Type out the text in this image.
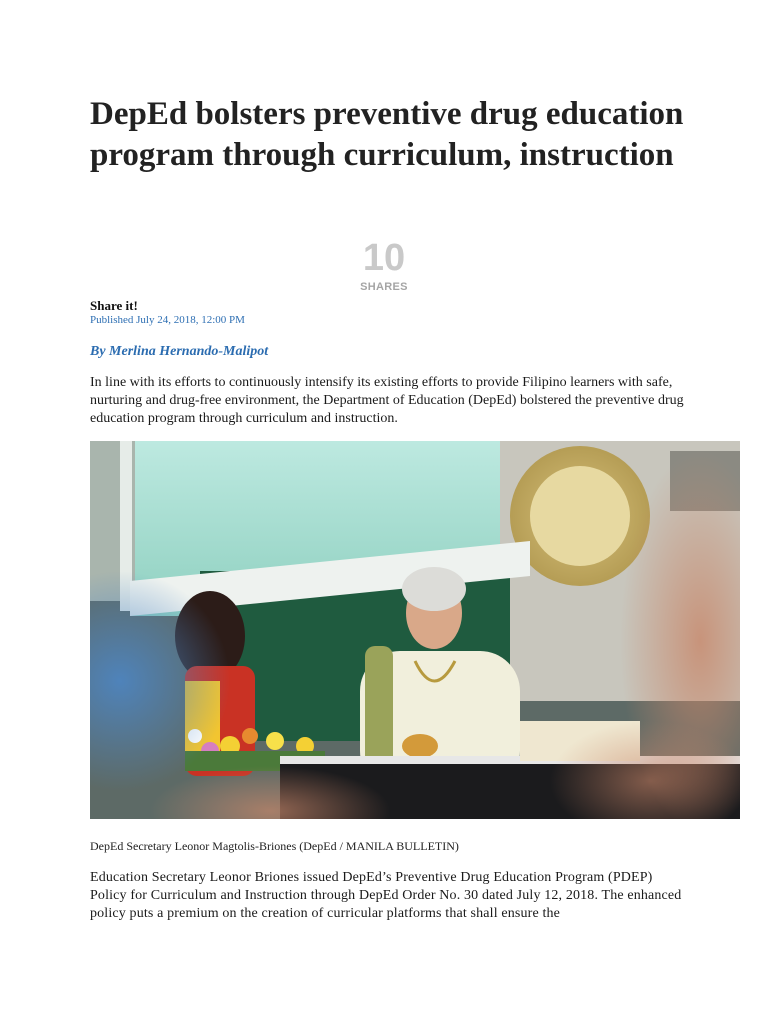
DepEd bolsters preventive drug education program through curriculum, instruction
10
SHARES
Share it!
Published July 24, 2018, 12:00 PM
By Merlina Hernando-Malipot

In line with its efforts to continuously intensify its existing efforts to provide Filipino learners with safe, nurturing and drug-free environment, the Department of Education (DepEd) bolstered the preventive drug education program through curriculum and instruction.

DepEd Secretary Leonor Magtolis-Briones (DepEd / MANILA BULLETIN)

Education Secretary Leonor Briones issued DepEd’s Preventive Drug Education Program (PDEP) Policy for Curriculum and Instruction through DepEd Order No. 30 dated July 12, 2018. The enhanced policy puts a premium on the creation of curricular platforms that shall ensure the
